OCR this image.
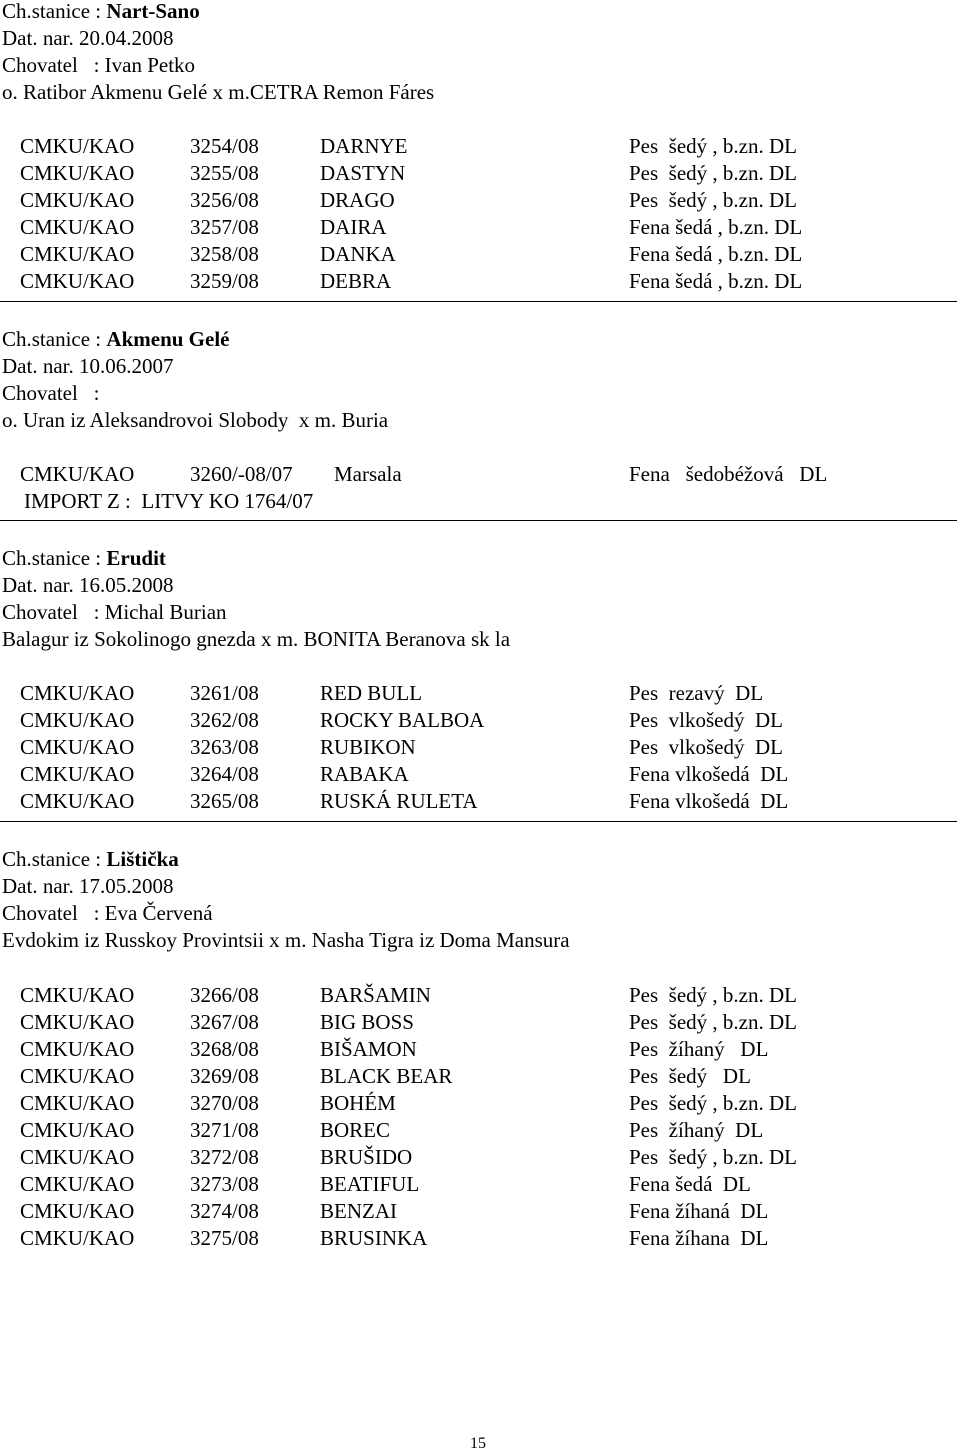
Ch.stanice : Nart-Sano
Dat. nar. 20.04.2008
Chovatel   : Ivan Petko
o. Ratibor Akmenu Gelé x m.CETRA Remon Fáres
CMKU/KAO	3254/08	DARNYE	Pes  šedý , b.zn. DL
CMKU/KAO	3255/08	DASTYN	Pes  šedý , b.zn. DL
CMKU/KAO	3256/08	DRAGO	Pes  šedý , b.zn. DL
CMKU/KAO	3257/08	DAIRA	Fena šedá , b.zn. DL
CMKU/KAO	3258/08	DANKA	Fena šedá , b.zn. DL
CMKU/KAO	3259/08	DEBRA	Fena šedá , b.zn. DL
Ch.stanice : Akmenu Gelé
Dat. nar. 10.06.2007
Chovatel   :
o. Uran iz Aleksandrovoi Slobody  x m. Buria
CMKU/KAO	3260/-08/07 Marsala	Fena   šedobéžová   DL
IMPORT Z :  LITVY KO 1764/07
Ch.stanice : Erudit
Dat. nar. 16.05.2008
Chovatel   : Michal Burian
Balagur iz Sokolinogo gnezda x m. BONITA Beranova sk la
CMKU/KAO	3261/08	RED BULL	Pes  rezavý  DL
CMKU/KAO	3262/08	ROCKY BALBOA	Pes  vlkošedý  DL
CMKU/KAO	3263/08	RUBIKON	Pes  vlkošedý  DL
CMKU/KAO	3264/08	RABAKA	Fena vlkošedá  DL
CMKU/KAO	3265/08	RUSKÁ RULETA	Fena vlkošedá  DL
Ch.stanice : Lištička
Dat. nar. 17.05.2008
Chovatel   : Eva Červená
Evdokim iz Russkoy Provintsii x m. Nasha Tigra iz Doma Mansura
CMKU/KAO	3266/08	BARŠAMIN	Pes  šedý , b.zn. DL
CMKU/KAO	3267/08	BIG BOSS	Pes  šedý , b.zn. DL
CMKU/KAO	3268/08	BIŠAMON	Pes  žíhaný   DL
CMKU/KAO	3269/08	BLACK BEAR	Pes  šedý   DL
CMKU/KAO	3270/08	BOHÉM	Pes  šedý , b.zn. DL
CMKU/KAO	3271/08	BOREC	Pes  žíhaný  DL
CMKU/KAO	3272/08	BRUŠIDO	Pes  šedý , b.zn. DL
CMKU/KAO	3273/08	BEATIFUL	Fena šedá  DL
CMKU/KAO	3274/08	BENZAI	Fena žíhaná  DL
CMKU/KAO	3275/08	BRUSINKA	Fena žíhana  DL
15
